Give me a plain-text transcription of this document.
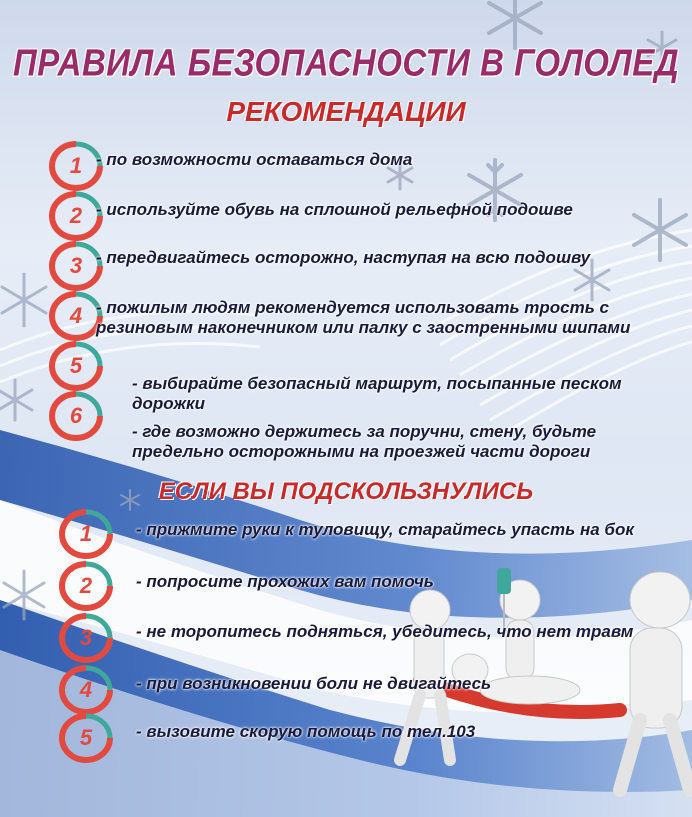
ПРАВИЛА БЕЗОПАСНОСТИ В ГОЛОЛЕД
РЕКОМЕНДАЦИИ
1 - по возможности оставаться дома
2 - используйте обувь на сплошной рельефной подошве
3 - передвигайтесь осторожно, наступая на всю подошву
4 - пожилым людям рекомендуется использовать трость с резиновым наконечником или палку с заостренными шипами
5
- выбирайте безопасный маршрут, посыпанные песком дорожки
6
- где возможно держитесь за поручни, стену, будьте предельно осторожными на проезжей части дороги
ЕСЛИ ВЫ ПОДСКОЛЬЗНУЛИСЬ
1	- прижмите руки к туловищу, старайтесь упасть на бок
2	- попросите прохожих вам помочь
3	- не торопитесь подняться, убедитесь, что нет травм
4	- при возникновении боли не двигайтесь
5	- вызовите скорую помощь по тел.103
